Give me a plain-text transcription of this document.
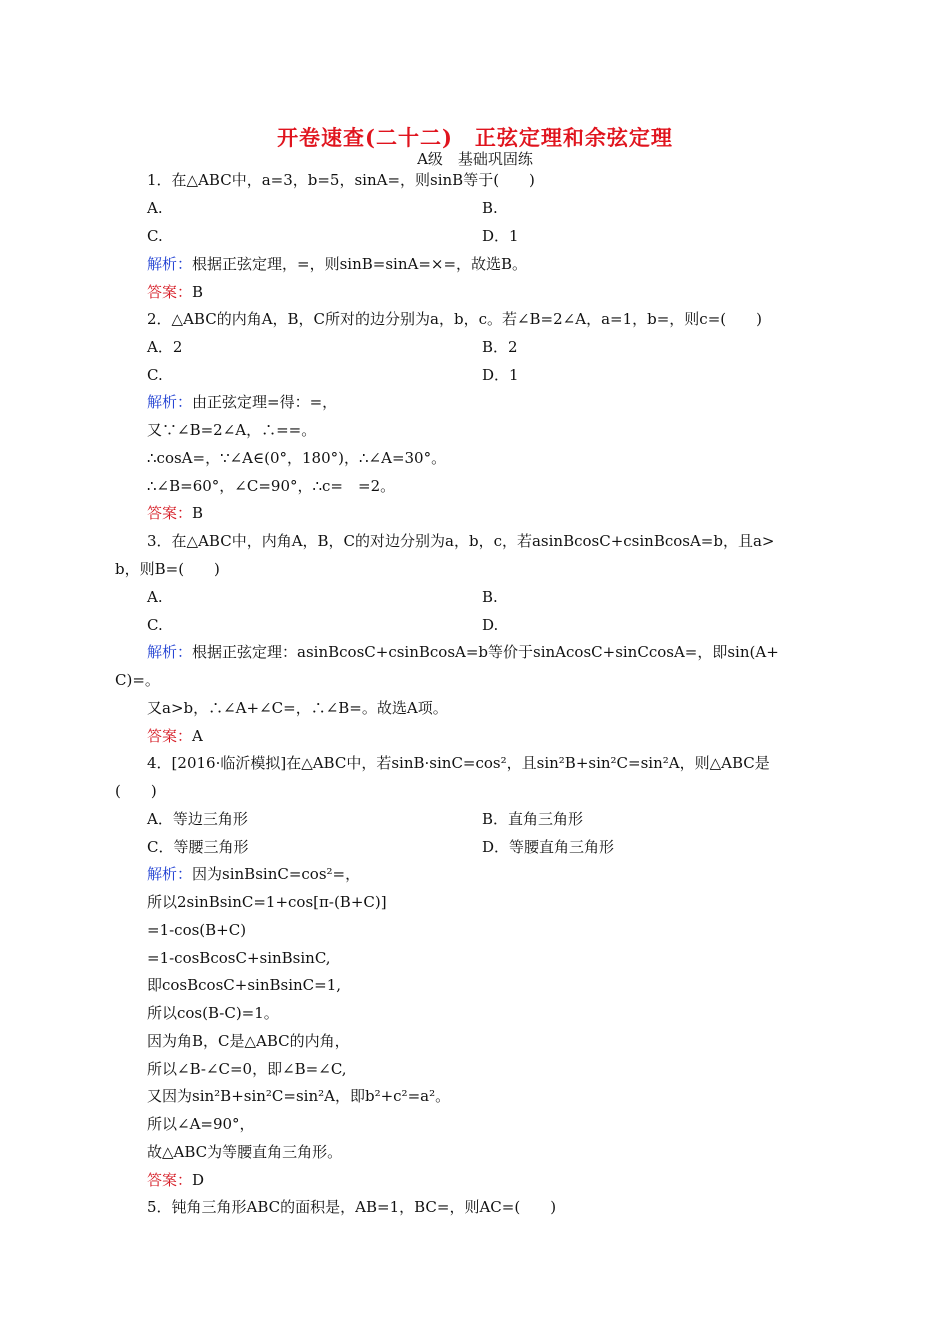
开卷速查(二十二)　正弦定理和余弦定理
A级　基础巩固练
1．在△ABC中，a=3，b=5，sinA=，则sinB等于(　　)
A.	B.
C.	D．1
解析：根据正弦定理，=，则sinB=sinA=×=，故选B。
答案：B
2．△ABC的内角A，B，C所对的边分别为a，b，c。若∠B=2∠A，a=1，b=，则c=(　　)
A．2	B．2
C.	D．1
解析：由正弦定理=得：=，
又∵∠B=2∠A，∴==。
∴cosA=，∵∠A∈(0°，180°)，∴∠A=30°。
∴∠B=60°，∠C=90°，∴c=　=2。
答案：B
3．在△ABC中，内角A，B，C的对边分别为a，b，c，若asinBcosC+csinBcosA=b，且a>
b，则B=(　　)
A.	B.
C.	D.
解析：根据正弦定理：asinBcosC+csinBcosA=b等价于sinAcosC+sinCcosA=，即sin(A+
C)=。
又a>b，∴∠A+∠C=，∴∠B=。故选A项。
答案：A
4．[2016·临沂模拟]在△ABC中，若sinB·sinC=cos²，且sin²B+sin²C=sin²A，则△ABC是
(　　)
A．等边三角形	B．直角三角形
C．等腰三角形	D．等腰直角三角形
解析：因为sinBsinC=cos²=，
所以2sinBsinC=1+cos[π-(B+C)]
=1-cos(B+C)
=1-cosBcosC+sinBsinC,
即cosBcosC+sinBsinC=1,
所以cos(B-C)=1。
因为角B，C是△ABC的内角，
所以∠B-∠C=0，即∠B=∠C,
又因为sin²B+sin²C=sin²A，即b²+c²=a²。
所以∠A=90°，
故△ABC为等腰直角三角形。
答案：D
5．钝角三角形ABC的面积是，AB=1，BC=，则AC=(　　)
